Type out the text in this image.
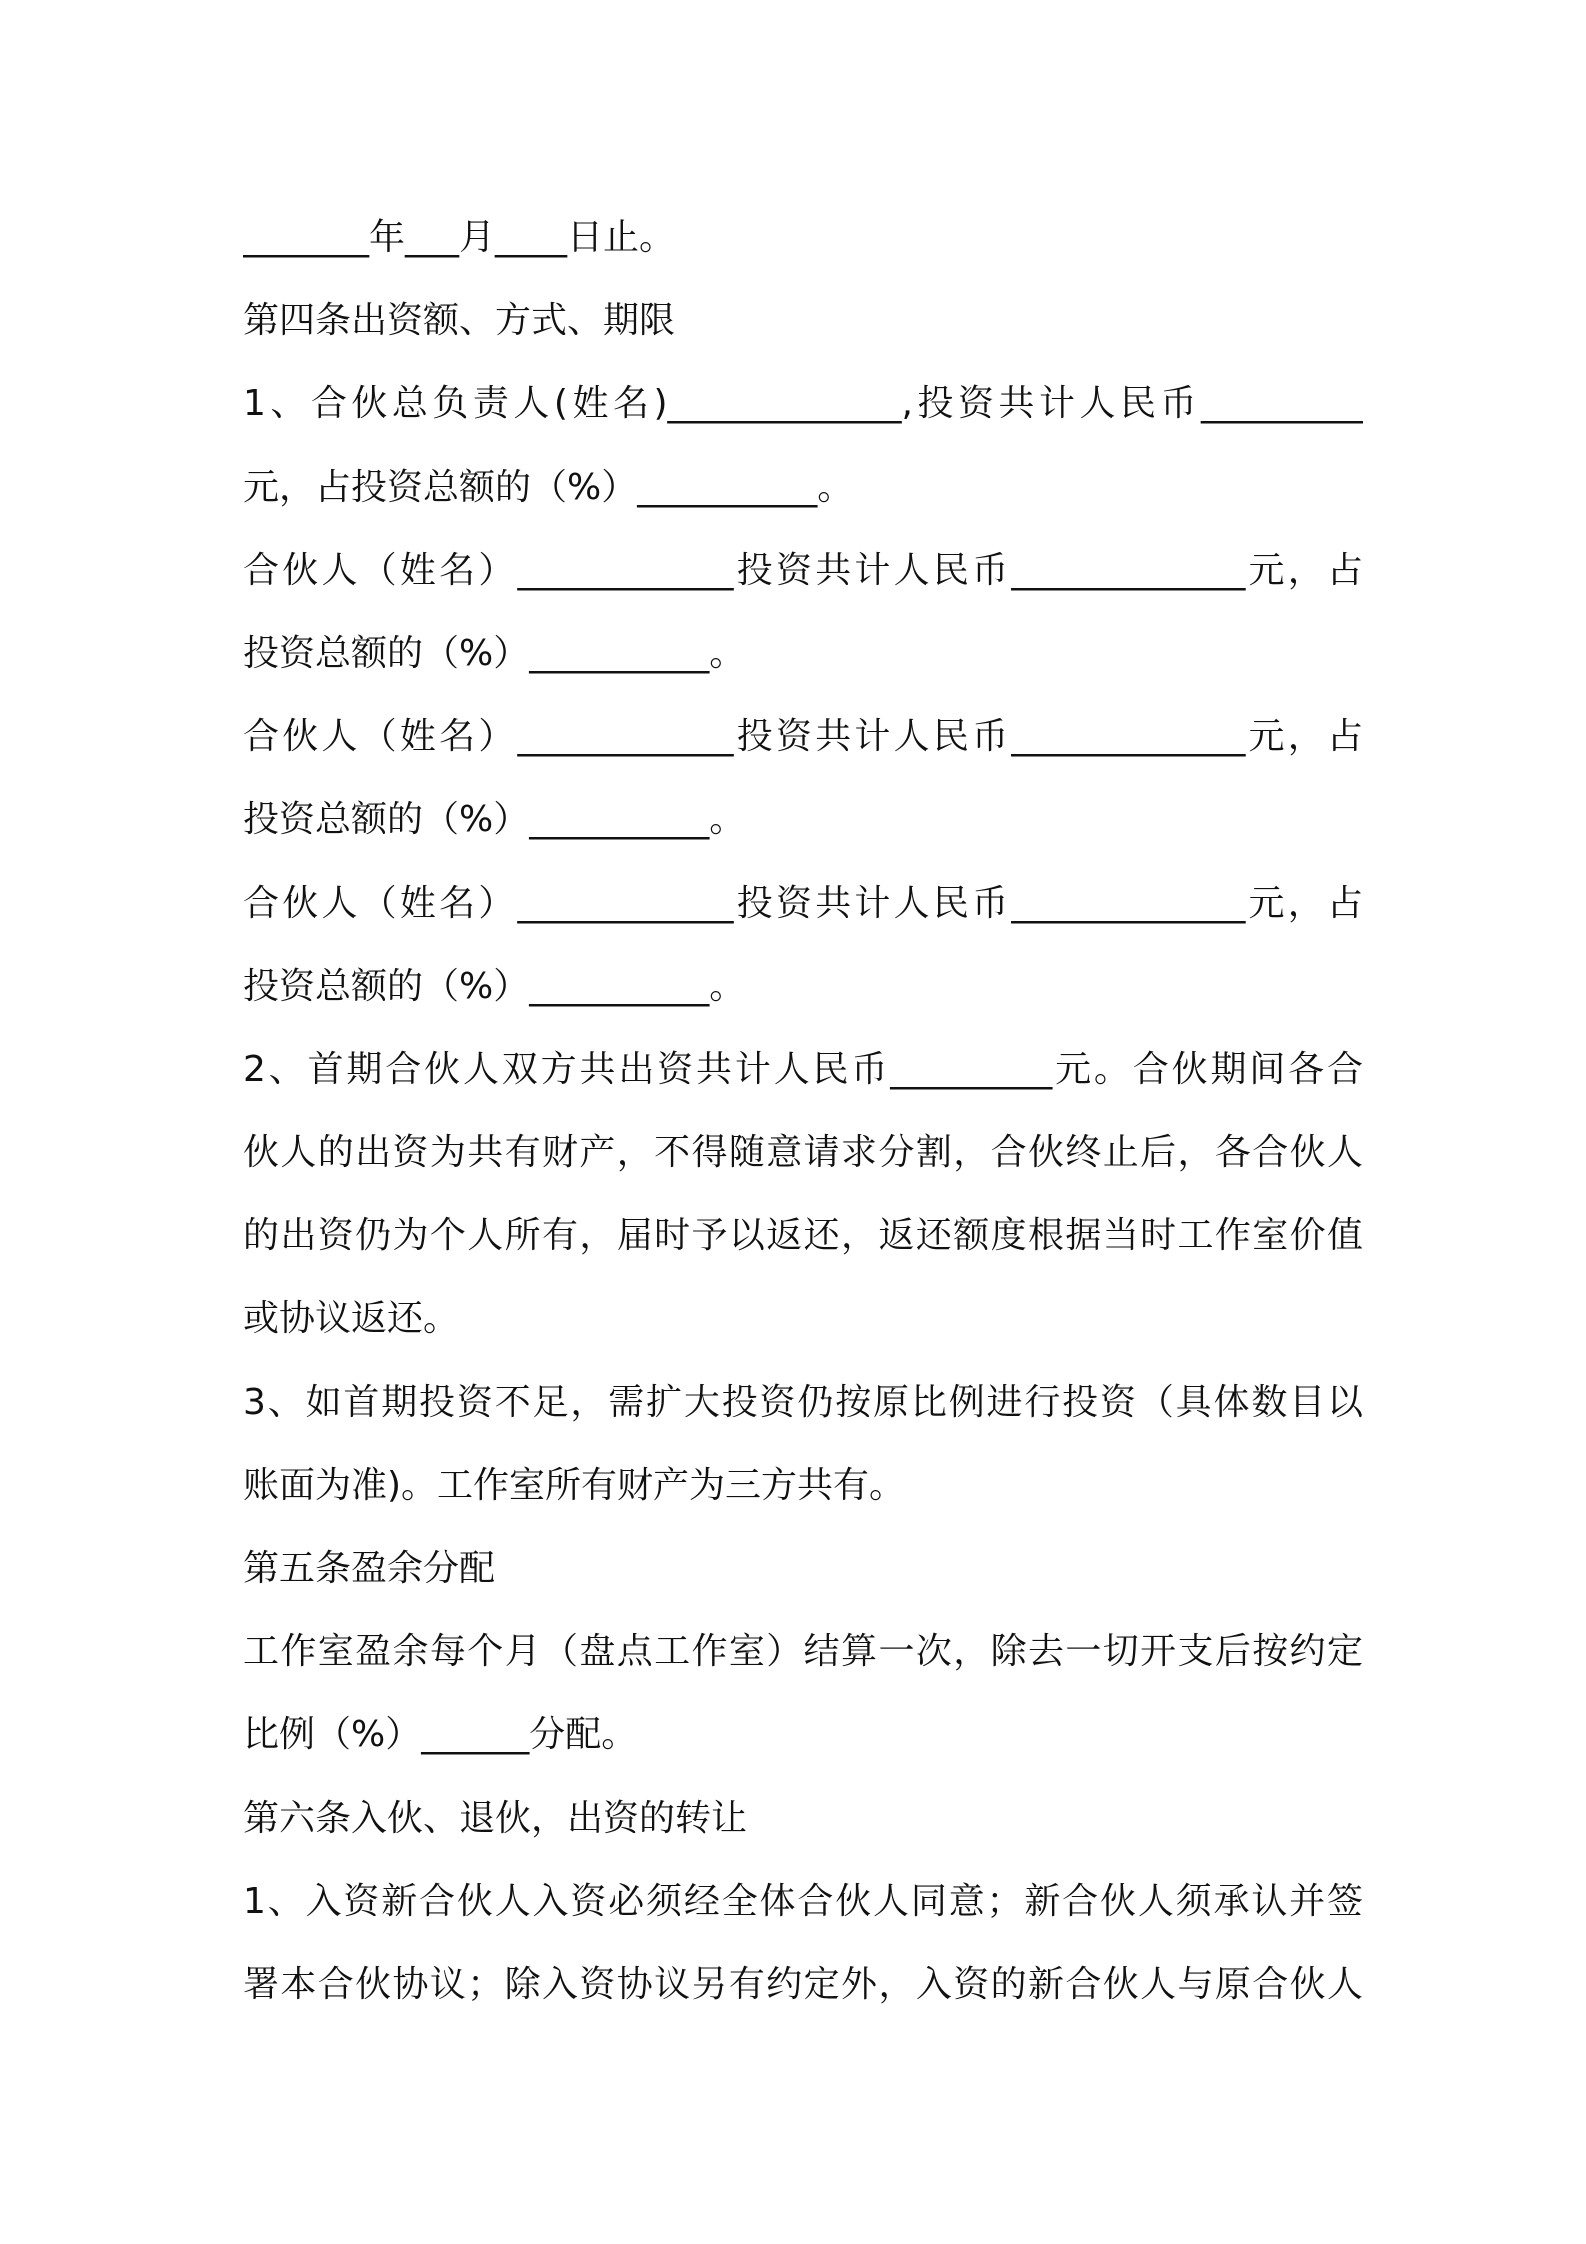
_______年___月____日止。
第四条出资额、方式、期限
1、合伙总负责人(姓名)_____________,投资共计人民币_________
元，占投资总额的（%）__________。
合伙人（姓名）____________投资共计人民币_____________元，占
投资总额的（%）__________。
合伙人（姓名）____________投资共计人民币_____________元，占
投资总额的（%）__________。
合伙人（姓名）____________投资共计人民币_____________元，占
投资总额的（%）__________。
2、首期合伙人双方共出资共计人民币_________元。合伙期间各合
伙人的出资为共有财产，不得随意请求分割，合伙终止后，各合伙人
的出资仍为个人所有，届时予以返还，返还额度根据当时工作室价值
或协议返还。
3、如首期投资不足，需扩大投资仍按原比例进行投资（具体数目以
账面为准)。工作室所有财产为三方共有。
第五条盈余分配
工作室盈余每个月（盘点工作室）结算一次，除去一切开支后按约定
比例（%）______分配。
第六条入伙、退伙，出资的转让
1、入资新合伙人入资必须经全体合伙人同意；新合伙人须承认并签
署本合伙协议；除入资协议另有约定外，入资的新合伙人与原合伙人
